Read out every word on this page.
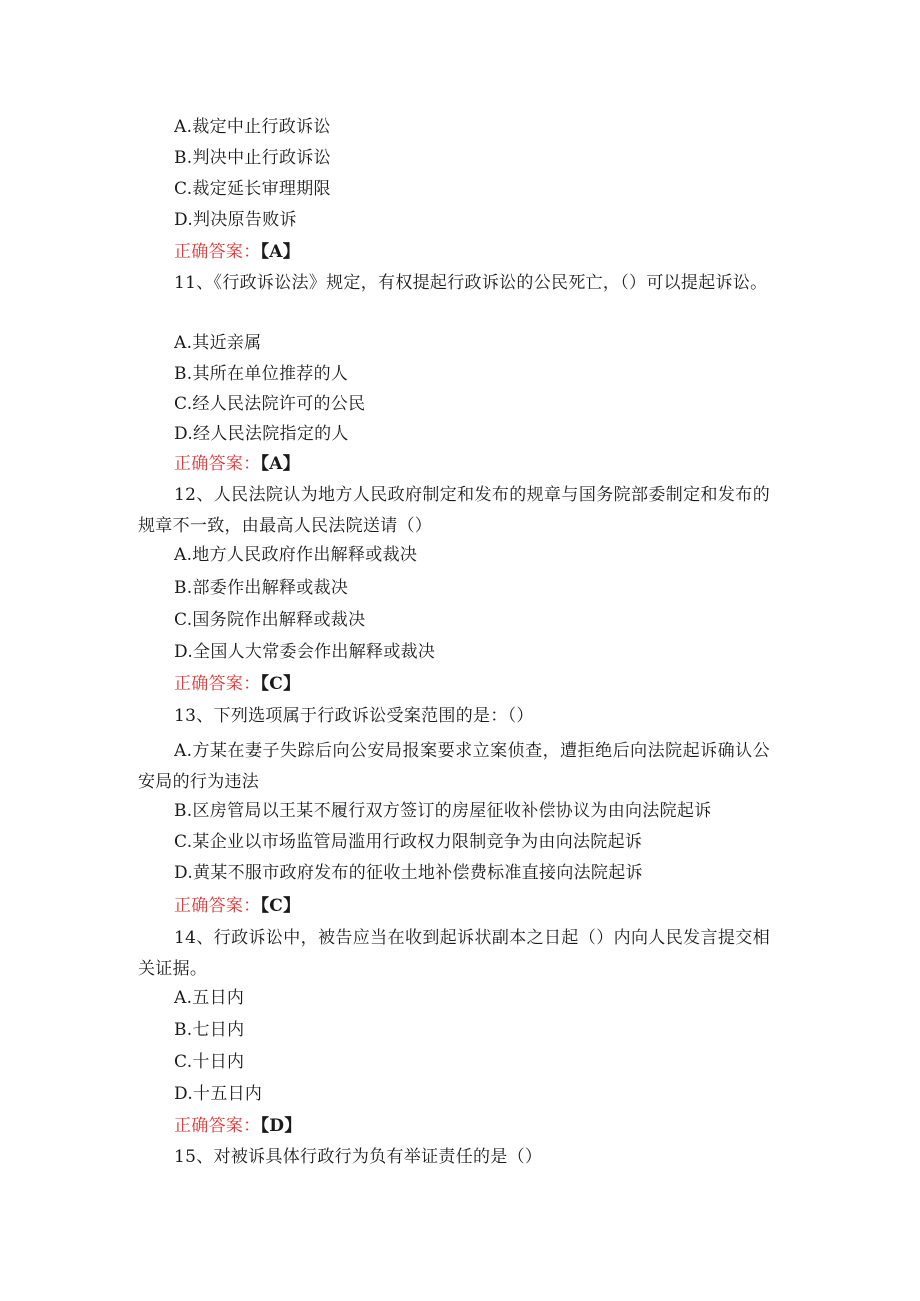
A.裁定中止行政诉讼
B.判决中止行政诉讼
C.裁定延长审理期限
D.判决原告败诉
正确答案：【A】
11、《行政诉讼法》规定，有权提起行政诉讼的公民死亡，（）可以提起诉讼。
A.其近亲属
B.其所在单位推荐的人
C.经人民法院许可的公民
D.经人民法院指定的人
正确答案：【A】
12、人民法院认为地方人民政府制定和发布的规章与国务院部委制定和发布的规章不一致，由最高人民法院送请（）
A.地方人民政府作出解释或裁决
B.部委作出解释或裁决
C.国务院作出解释或裁决
D.全国人大常委会作出解释或裁决
正确答案：【C】
13、下列选项属于行政诉讼受案范围的是：（）
A.方某在妻子失踪后向公安局报案要求立案侦查，遭拒绝后向法院起诉确认公安局的行为违法
B.区房管局以王某不履行双方签订的房屋征收补偿协议为由向法院起诉
C.某企业以市场监管局滥用行政权力限制竞争为由向法院起诉
D.黄某不服市政府发布的征收土地补偿费标准直接向法院起诉
正确答案：【C】
14、行政诉讼中，被告应当在收到起诉状副本之日起（）内向人民发言提交相关证据。
A.五日内
B.七日内
C.十日内
D.十五日内
正确答案：【D】
15、对被诉具体行政行为负有举证责任的是（）
